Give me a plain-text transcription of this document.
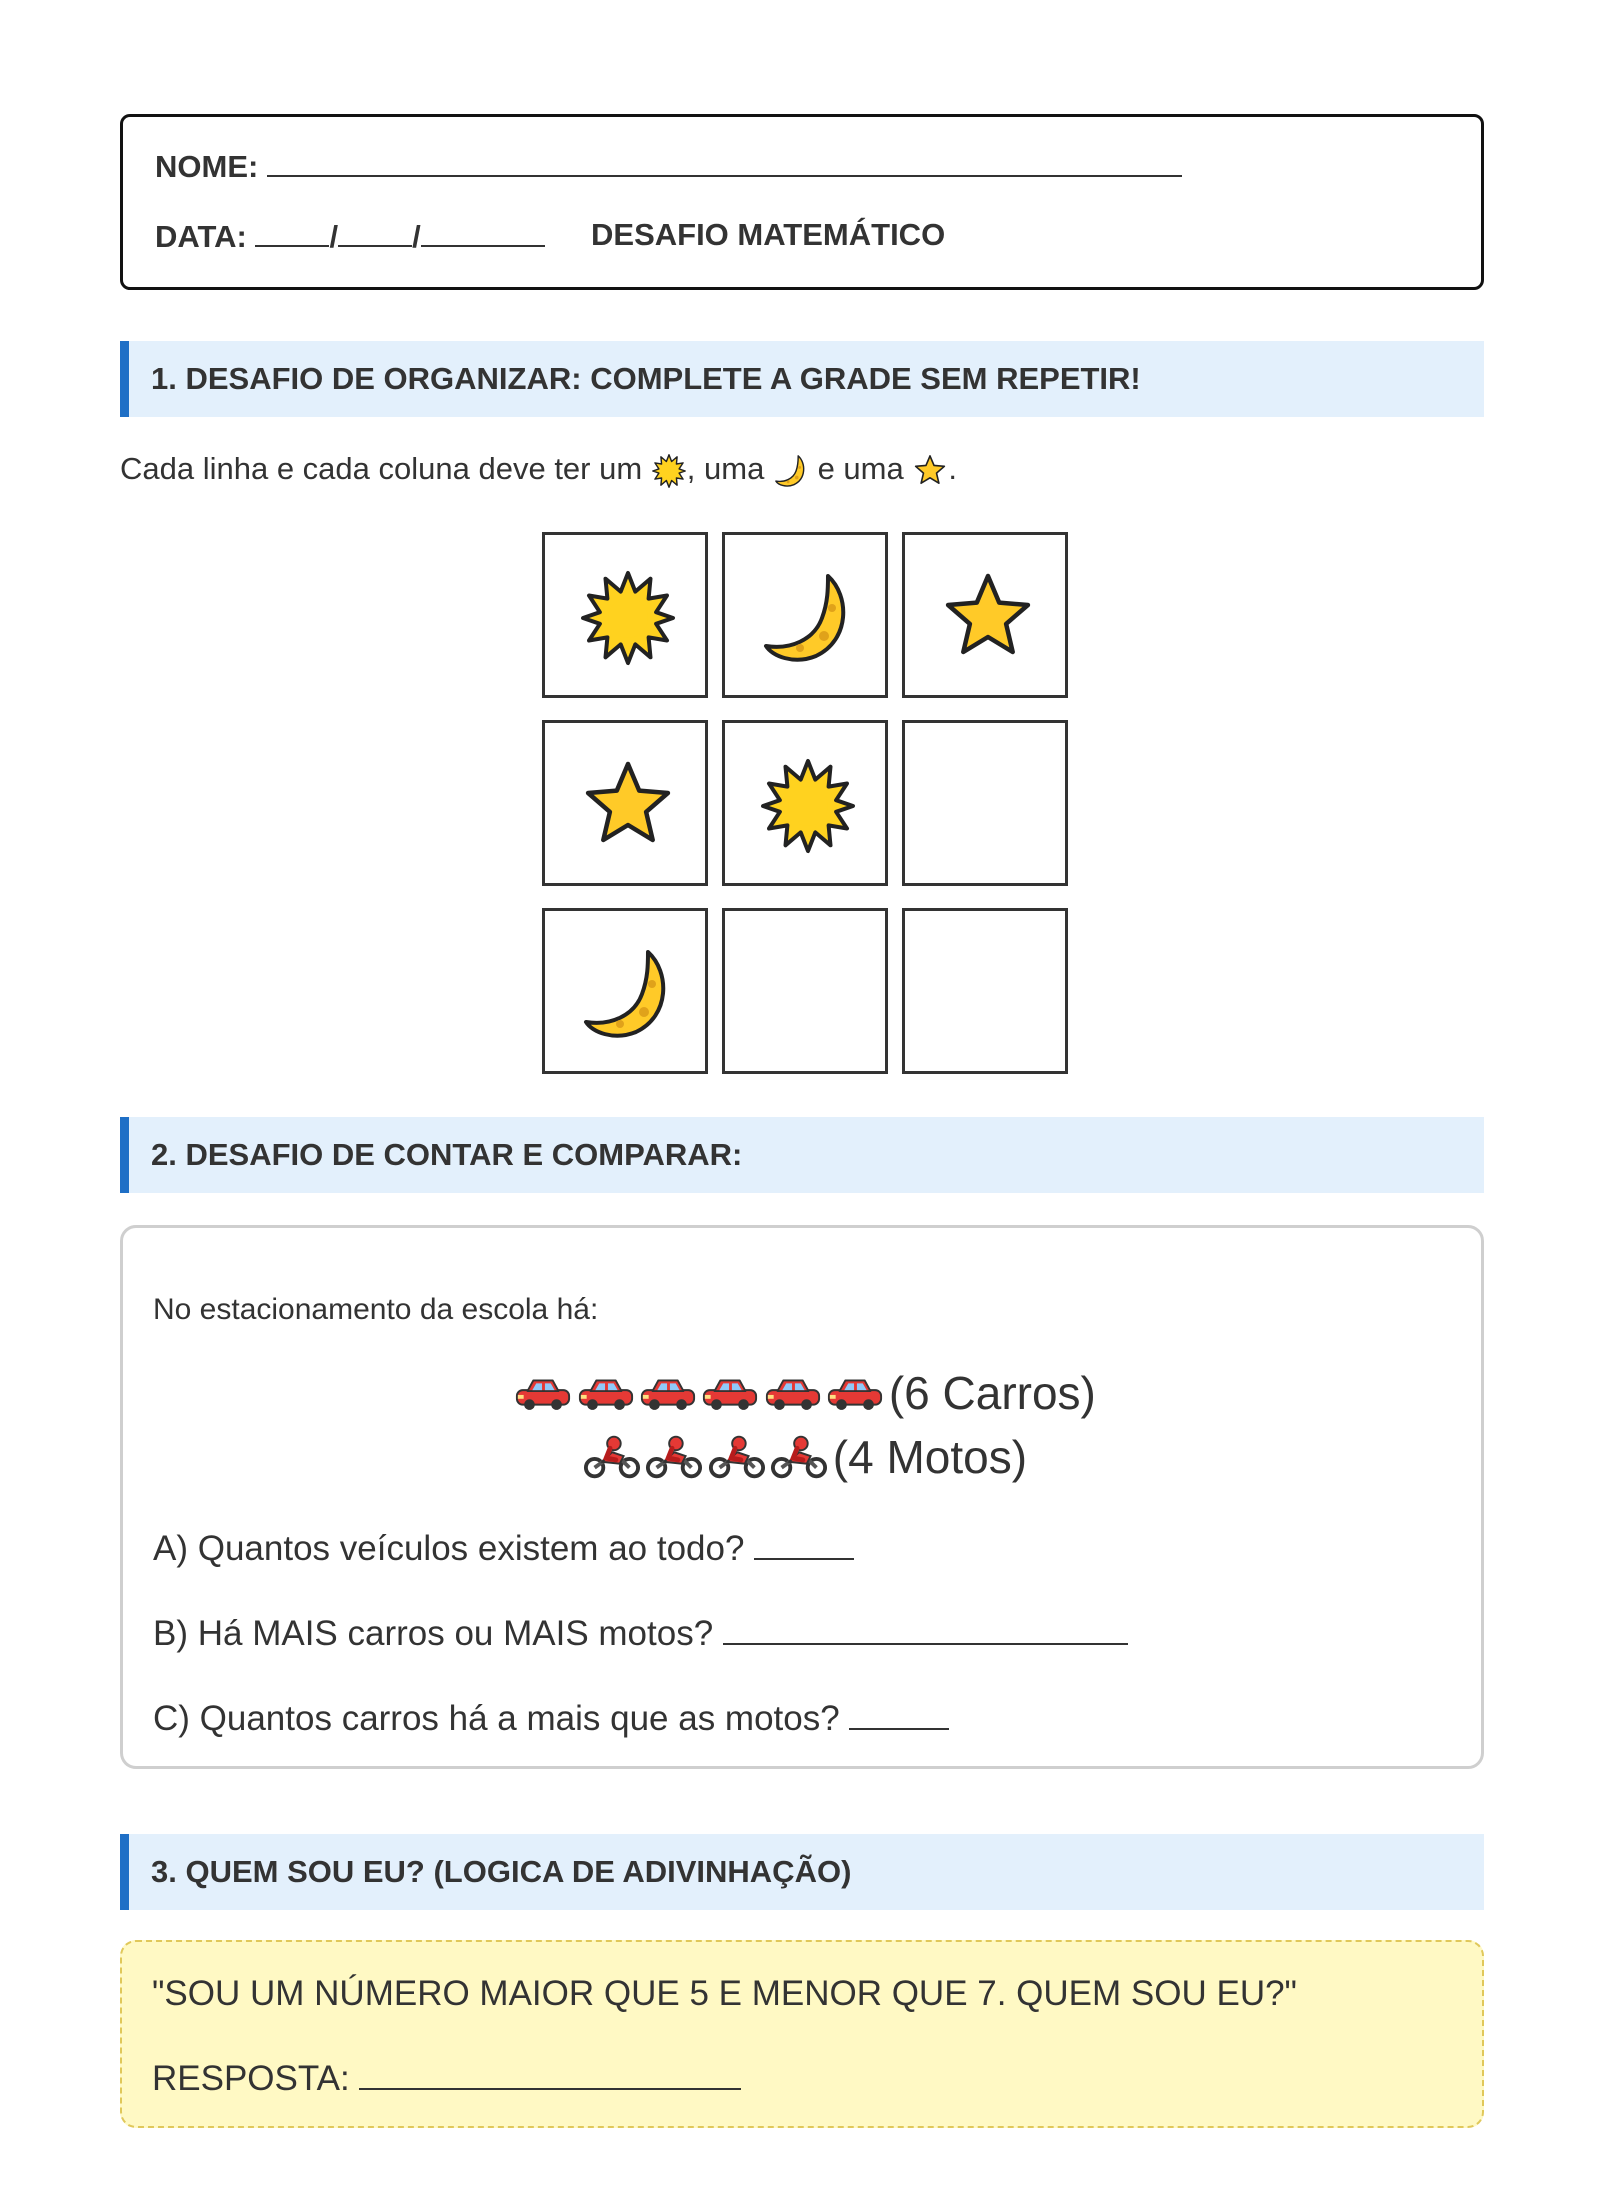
NOME:
DATA:	/ /	DESAFIO MATEMÁTICO
1. DESAFIO DE ORGANIZAR: COMPLETE A GRADE SEM REPETIR!
Cada linha e cada coluna deve ter um , uma e uma .
2. DESAFIO DE CONTAR E COMPARAR:
No estacionamento da escola há:
(6 Carros)
(4 Motos)
A) Quantos veículos existem ao todo?
B) Há MAIS carros ou MAIS motos?
C) Quantos carros há a mais que as motos?
3. QUEM SOU EU? (LOGICA DE ADIVINHAÇÃO)
"SOU UM NÚMERO MAIOR QUE 5 E MENOR QUE 7. QUEM SOU EU?"
RESPOSTA:
